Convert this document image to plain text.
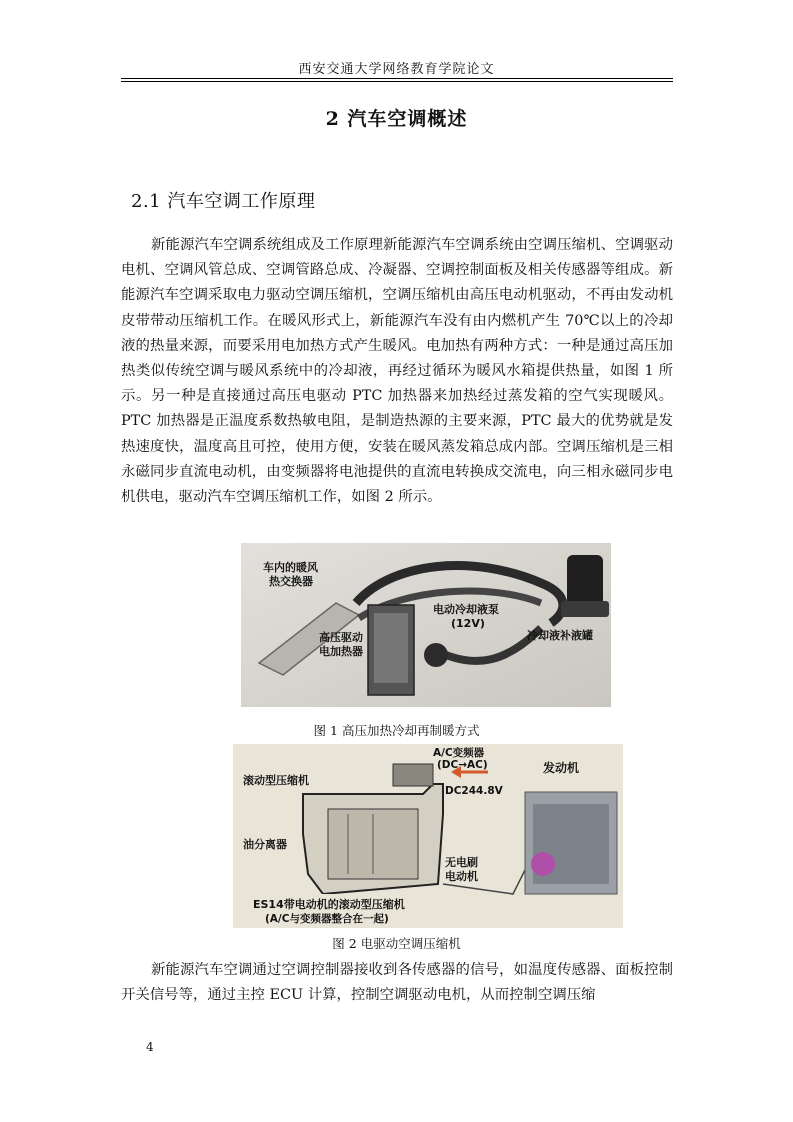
西安交通大学网络教育学院论文
2 汽车空调概述
2.1 汽车空调工作原理

新能源汽车空调系统组成及工作原理新能源汽车空调系统由空调压缩机、空调驱动电机、空调风管总成、空调管路总成、冷凝器、空调控制面板及相关传感器等组成。新能源汽车空调采取电力驱动空调压缩机，空调压缩机由高压电动机驱动，不再由发动机皮带带动压缩机工作。在暖风形式上，新能源汽车没有由内燃机产生 70℃以上的冷却液的热量来源，而要采用电加热方式产生暖风。电加热有两种方式：一种是通过高压加热类似传统空调与暖风系统中的冷却液，再经过循环为暖风水箱提供热量，如图 1 所示。另一种是直接通过高压电驱动 PTC 加热器来加热经过蒸发箱的空气实现暖风。PTC 加热器是正温度系数热敏电阻，是制造热源的主要来源，PTC 最大的优势就是发热速度快，温度高且可控，使用方便，安装在暖风蒸发箱总成内部。空调压缩机是三相永磁同步直流电动机，由变频器将电池提供的直流电转换成交流电，向三相永磁同步电机供电，驱动汽车空调压缩机工作，如图 2 所示。

车内的暖风
热交换器
电动冷却液泵
(12V)
高压驱动
电加热器
冷却液补液罐
图 1 高压加热冷却再制暖方式
A/C变频器
(DC→AC)
滚动型压缩机
DC244.8V
油分离器
无电刷
电动机
ES14带电动机的滚动型压缩机
(A/C与变频器整合在一起)
发动机
图 2 电驱动空调压缩机

新能源汽车空调通过空调控制器接收到各传感器的信号，如温度传感器、面板控制开关信号等，通过主控 ECU 计算，控制空调驱动电机，从而控制空调压缩

4
